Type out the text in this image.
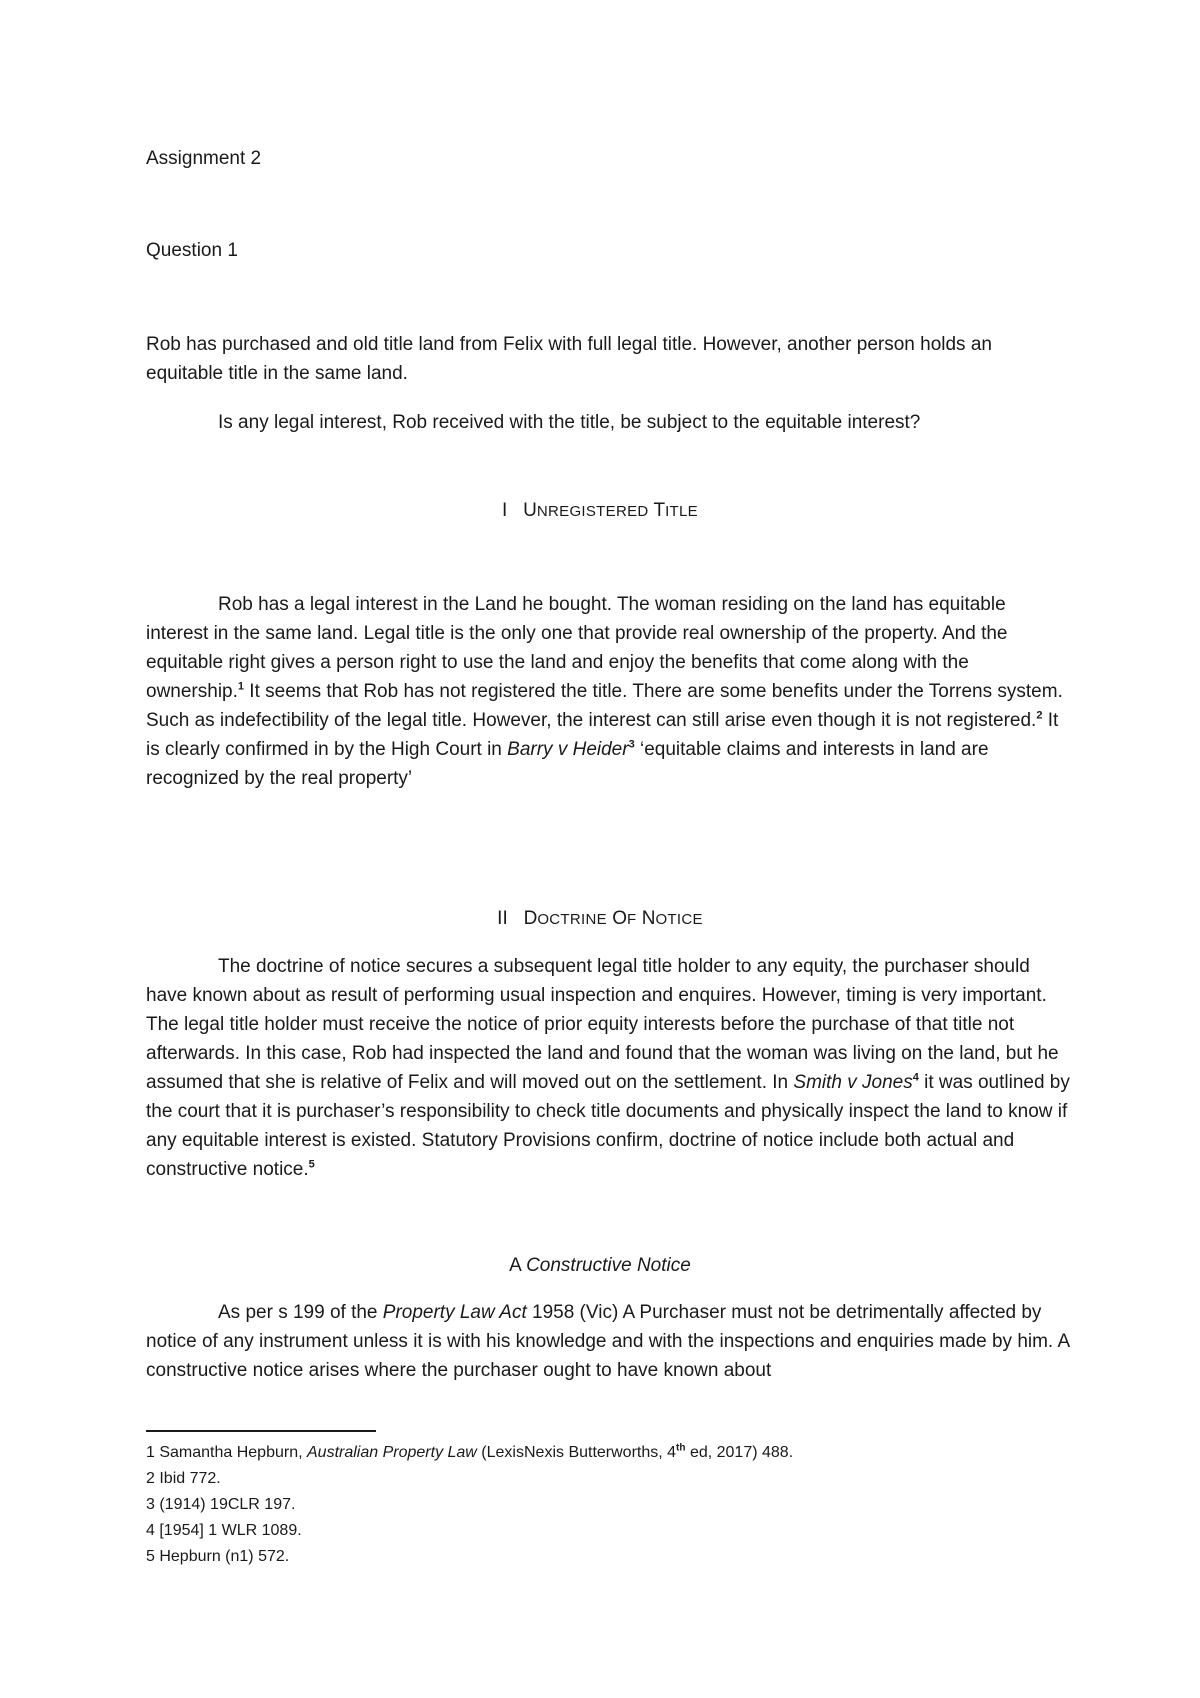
Assignment 2
Question 1
Rob has purchased and old title land from Felix with full legal title. However, another person holds an equitable title in the same land.
Is any legal interest, Rob received with the title, be subject to the equitable interest?
I UNREGISTERED TITLE
Rob has a legal interest in the Land he bought. The woman residing on the land has equitable interest in the same land. Legal title is the only one that provide real ownership of the property. And the equitable right gives a person right to use the land and enjoy the benefits that come along with the ownership.$^1$ It seems that Rob has not registered the title. There are some benefits under the Torrens system. Such as indefectibility of the legal title. However, the interest can still arise even though it is not registered.$^2$ It is clearly confirmed in by the High Court in Barry v Heider$^3$ ‘equitable claims and interests in land are recognized by the real property’
II DOCTRINE OF NOTICE
The doctrine of notice secures a subsequent legal title holder to any equity, the purchaser should have known about as result of performing usual inspection and enquires. However, timing is very important. The legal title holder must receive the notice of prior equity interests before the purchase of that title not afterwards. In this case, Rob had inspected the land and found that the woman was living on the land, but he assumed that she is relative of Felix and will moved out on the settlement. In Smith v Jones$^4$ it was outlined by the court that it is purchaser’s responsibility to check title documents and physically inspect the land to know if any equitable interest is existed. Statutory Provisions confirm, doctrine of notice include both actual and constructive notice.$^5$
A Constructive Notice
As per s 199 of the Property Law Act 1958 (Vic) A Purchaser must not be detrimentally affected by notice of any instrument unless it is with his knowledge and with the inspections and enquiries made by him. A constructive notice arises where the purchaser ought to have known about
1 Samantha Hepburn, Australian Property Law (LexisNexis Butterworths, 4th ed, 2017) 488.
2 Ibid 772.
3 (1914) 19CLR 197.
4 [1954] 1 WLR 1089.
5 Hepburn (n1) 572.
